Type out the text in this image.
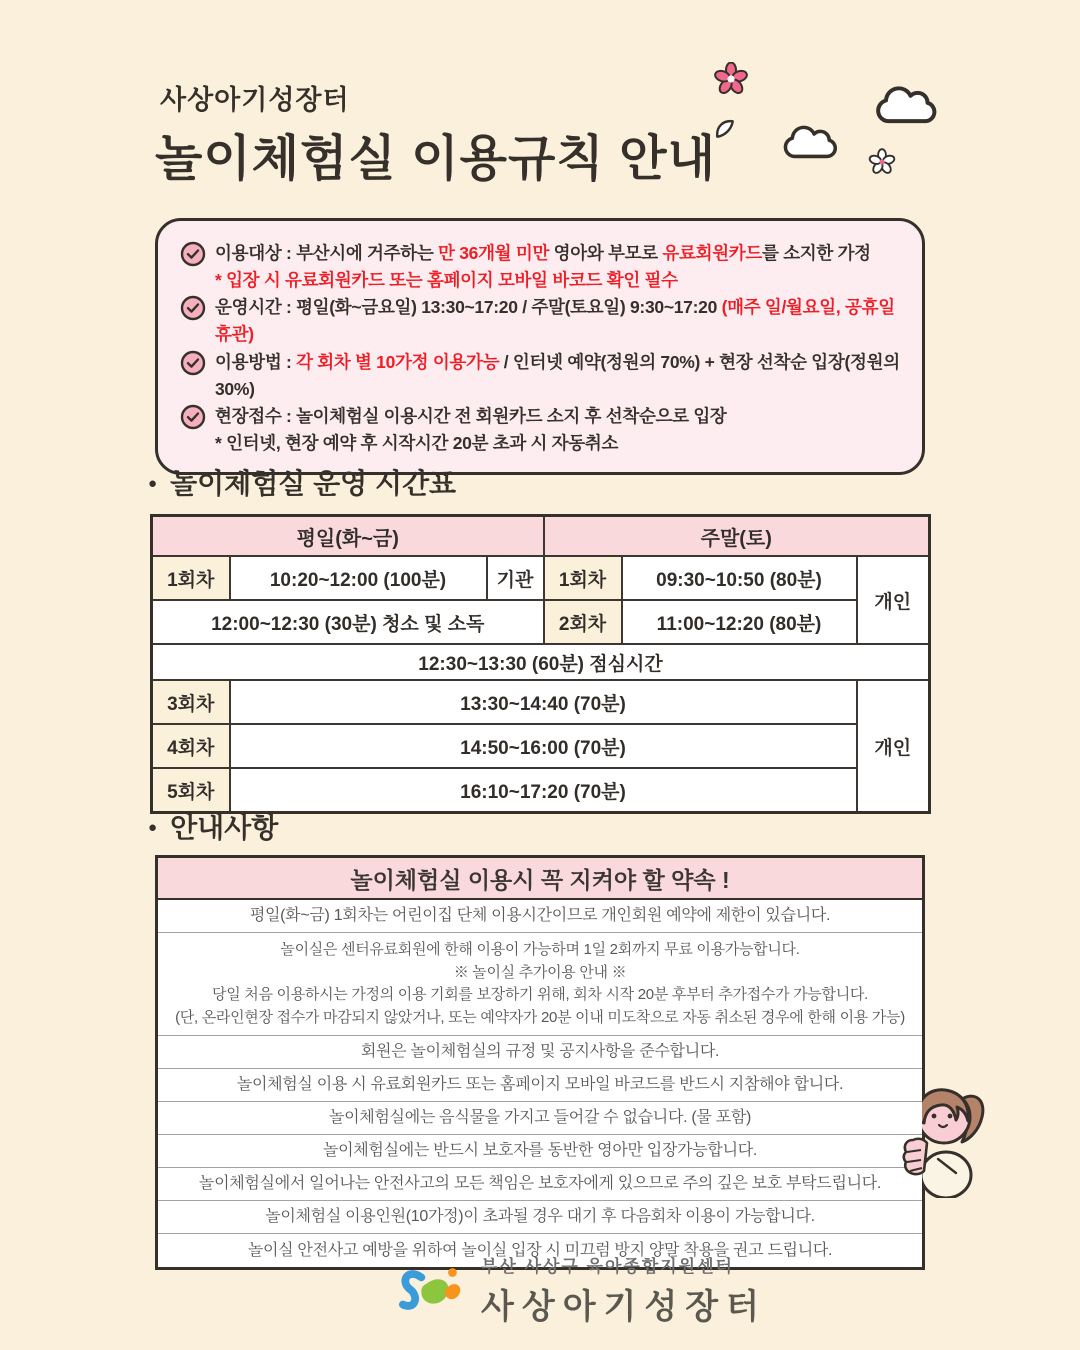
사상아기성장터
놀이체험실 이용규칙 안내
이용대상 : 부산시에 거주하는 만 36개월 미만 영아와 부모로 유료회원카드를 소지한 가정
* 입장 시 유료회원카드 또는 홈페이지 모바일 바코드 확인 필수
운영시간 : 평일(화~금요일) 13:30~17:20 / 주말(토요일) 9:30~17:20 (매주 일/월요일, 공휴일 휴관)
이용방법 : 각 회차 별 10가정 이용가능 / 인터넷 예약(정원의 70%) + 현장 선착순 입장(정원의 30%)
현장접수 : 놀이체험실 이용시간 전 회원카드 소지 후 선착순으로 입장
* 인터넷, 현장 예약 후 시작시간 20분 초과 시 자동취소
● 놀이체험실 운영 시간표
평일(화~금)			주말(토)		
1회차	10:20~12:00 (100분)	기관	1회차	09:30~10:50 (80분)	개인
12:00~12:30 (30분) 청소 및 소독			2회차	11:00~12:20 (80분)	
12:30~13:30 (60분) 점심시간					
3회차	13:30~14:40 (70분)				개인
4회차	14:50~16:00 (70분)				
5회차	16:10~17:20 (70분)				
● 안내사항
놀이체험실 이용시 꼭 지켜야 할 약속 !
평일(화~금) 1회차는 어린이집 단체 이용시간이므로 개인회원 예약에 제한이 있습니다.
놀이실은 센터유료회원에 한해 이용이 가능하며 1일 2회까지 무료 이용가능합니다.
※ 놀이실 추가이용 안내 ※
당일 처음 이용하시는 가정의 이용 기회를 보장하기 위해, 회차 시작 20분 후부터 추가접수가 가능합니다.
(단, 온라인현장 접수가 마감되지 않았거나, 또는 예약자가 20분 이내 미도착으로 자동 취소된 경우에 한해 이용 가능)
회원은 놀이체험실의 규정 및 공지사항을 준수합니다.
놀이체험실 이용 시 유료회원카드 또는 홈페이지 모바일 바코드를 반드시 지참해야 합니다.
놀이체험실에는 음식물을 가지고 들어갈 수 없습니다. (물 포함)
놀이체험실에는 반드시 보호자를 동반한 영아만 입장가능합니다.
놀이체험실에서 일어나는 안전사고의 모든 책임은 보호자에게 있으므로 주의 깊은 보호 부탁드립니다.
놀이체험실 이용인원(10가정)이 초과될 경우 대기 후 다음회차 이용이 가능합니다.
놀이실 안전사고 예방을 위하여 놀이실 입장 시 미끄럼 방지 양말 착용을 권고 드립니다.
부산 사상구 육아종합지원센터
사상아기성장터
